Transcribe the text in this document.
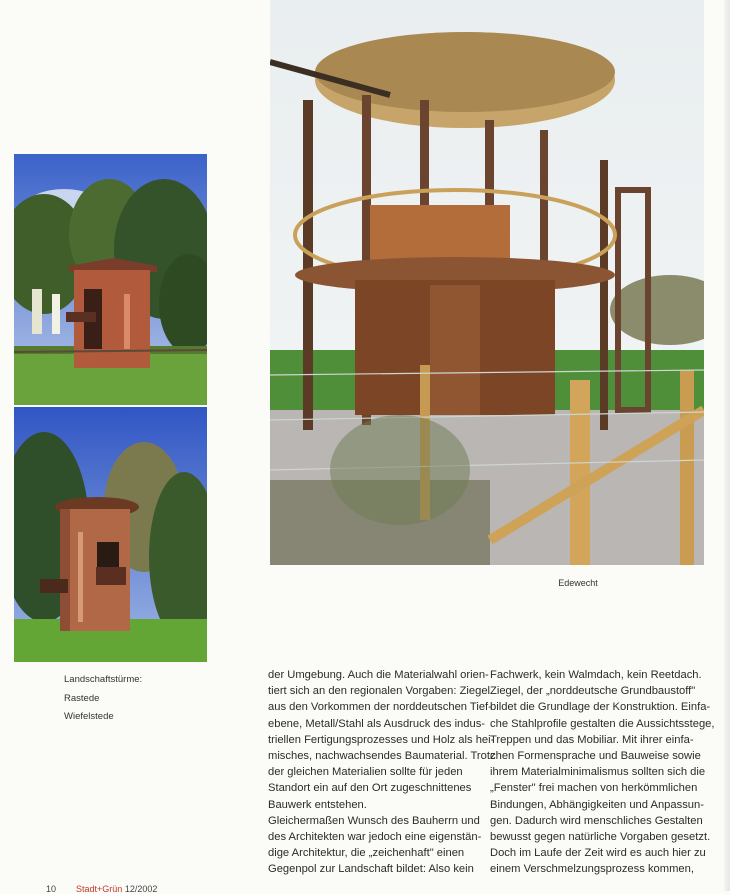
Landschaftstürme:
Rastede
Wiefelstede
Edewecht
der Umgebung. Auch die Materialwahl orien-
tiert sich an den regionalen Vorgaben: Ziegel
aus den Vorkommen der norddeutschen Tief-
ebene, Metall/Stahl als Ausdruck des indus-
triellen Fertigungsprozesses und Holz als hei-
misches, nachwachsendes Baumaterial. Trotz
der gleichen Materialien sollte für jeden
Standort ein auf den Ort zugeschnittenes
Bauwerk entstehen.
Gleichermaßen Wunsch des Bauherrn und
des Architekten war jedoch eine eigenstän-
dige Architektur, die „zeichenhaft" einen
Gegenpol zur Landschaft bildet: Also kein
Fachwerk, kein Walmdach, kein Reetdach.
Ziegel, der „norddeutsche Grundbaustoff"
bildet die Grundlage der Konstruktion. Einfa-
che Stahlprofile gestalten die Aussichtsstege,
Treppen und das Mobiliar. Mit ihrer einfa-
chen Formensprache und Bauweise sowie
ihrem Materialminimalismus sollten sich die
„Fenster" frei machen von herkömmlichen
Bindungen, Abhängigkeiten und Anpassun-
gen. Dadurch wird menschliches Gestalten
bewusst gegen natürliche Vorgaben gesetzt.
Doch im Laufe der Zeit wird es auch hier zu
einem Verschmelzungsprozess kommen,
10 Stadt+Grün 12/2002
